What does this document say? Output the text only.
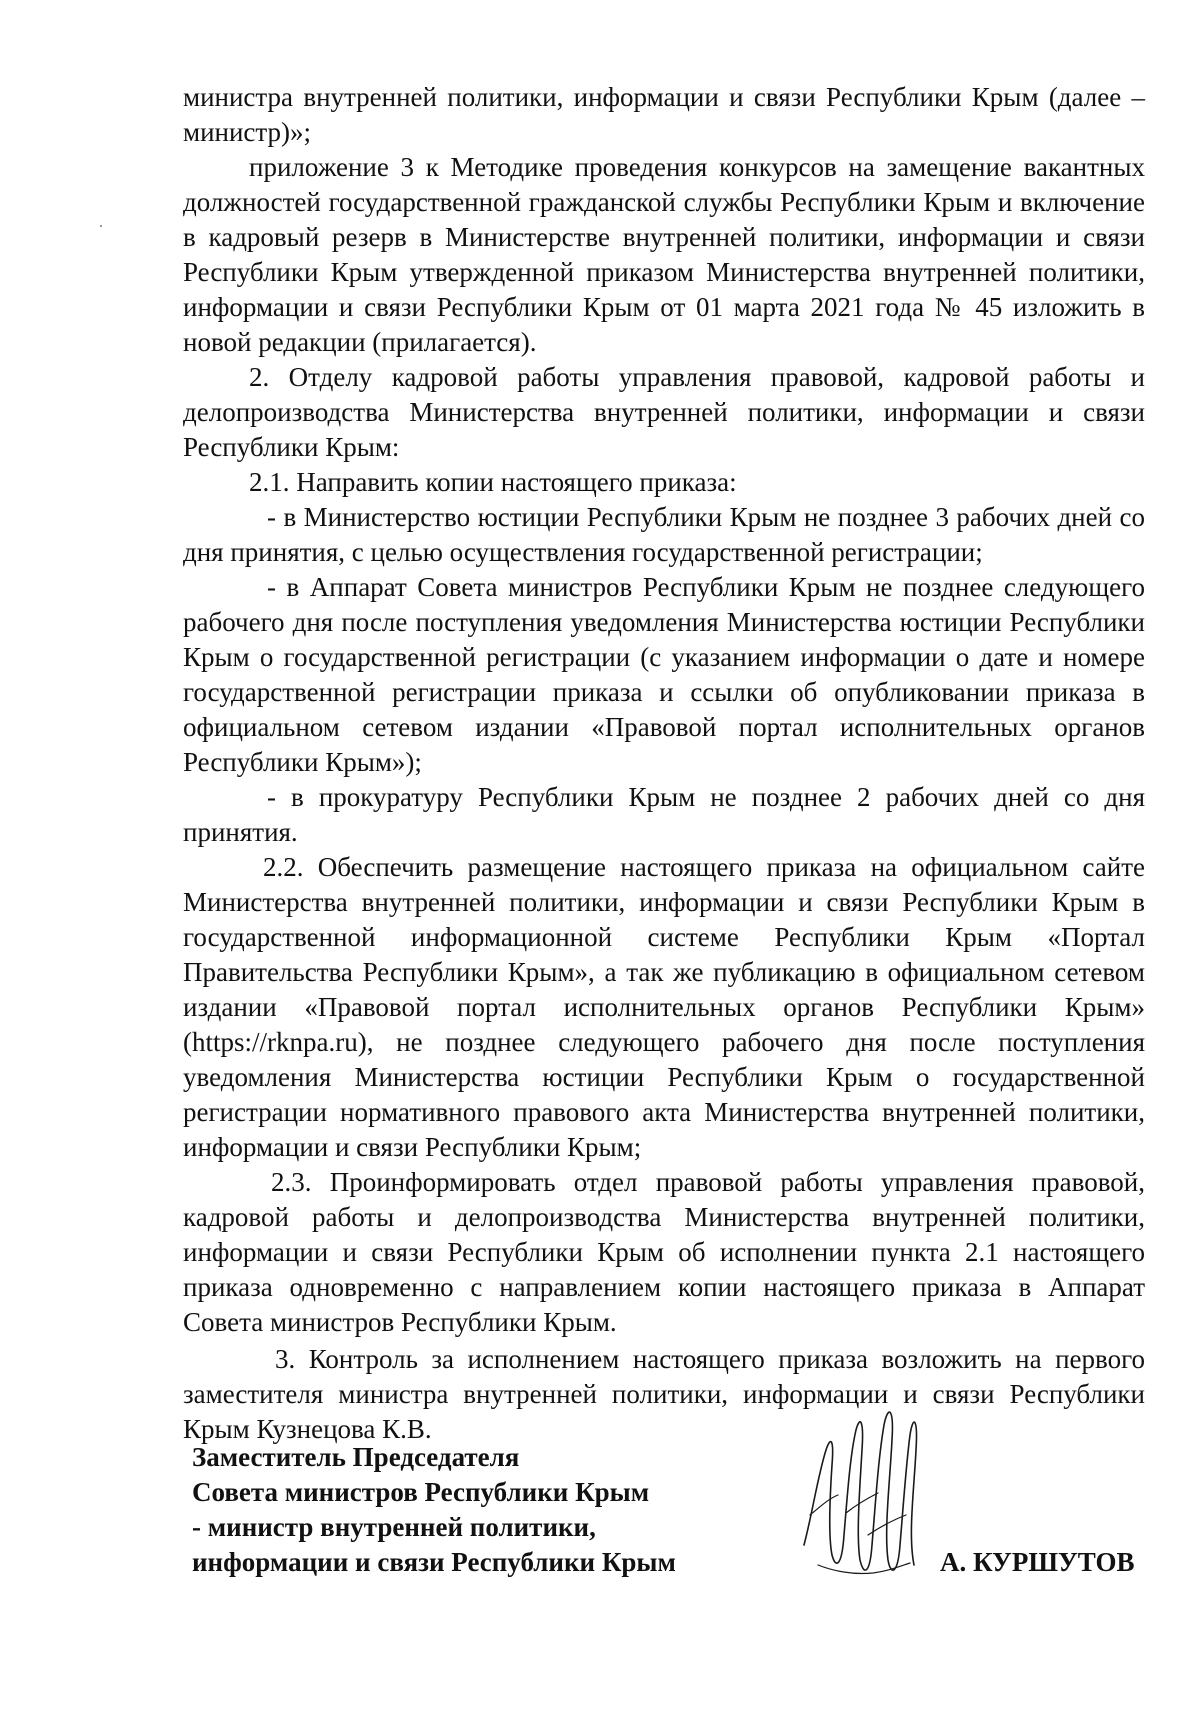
министра внутренней политики, информации и связи Республики Крым (далее – министр)»;

приложение 3 к Методике проведения конкурсов на замещение вакантных должностей государственной гражданской службы Республики Крым и включение в кадровый резерв в Министерстве внутренней политики, информации и связи Республики Крым утвержденной приказом Министерства внутренней политики, информации и связи Республики Крым от 01 марта 2021 года № 45 изложить в новой редакции (прилагается).

2. Отделу кадровой работы управления правовой, кадровой работы и делопроизводства Министерства внутренней политики, информации и связи Республики Крым:

2.1. Направить копии настоящего приказа:

- в Министерство юстиции Республики Крым не позднее 3 рабочих дней со дня принятия, с целью осуществления государственной регистрации;

- в Аппарат Совета министров Республики Крым не позднее следующего рабочего дня после поступления уведомления Министерства юстиции Республики Крым о государственной регистрации (с указанием информации о дате и номере государственной регистрации приказа и ссылки об опубликовании приказа в официальном сетевом издании «Правовой портал исполнительных органов Республики Крым»);

- в прокуратуру Республики Крым не позднее 2 рабочих дней со дня принятия.

2.2. Обеспечить размещение настоящего приказа на официальном сайте Министерства внутренней политики, информации и связи Республики Крым в государственной информационной системе Республики Крым «Портал Правительства Республики Крым», а так же публикацию в официальном сетевом издании «Правовой портал исполнительных органов Республики Крым» (https://rknpa.ru), не позднее следующего рабочего дня после поступления уведомления Министерства юстиции Республики Крым о государственной регистрации нормативного правового акта Министерства внутренней политики, информации и связи Республики Крым;

2.3. Проинформировать отдел правовой работы управления правовой, кадровой работы и делопроизводства Министерства внутренней политики, информации и связи Республики Крым об исполнении пункта 2.1 настоящего приказа одновременно с направлением копии настоящего приказа в Аппарат Совета министров Республики Крым.

3. Контроль за исполнением настоящего приказа возложить на первого заместителя министра внутренней политики, информации и связи Республики Крым Кузнецова К.В.

Заместитель Председателя
Совета министров Республики Крым
- министр внутренней политики,
информации и связи Республики Крым	А. КУРШУТОВ
